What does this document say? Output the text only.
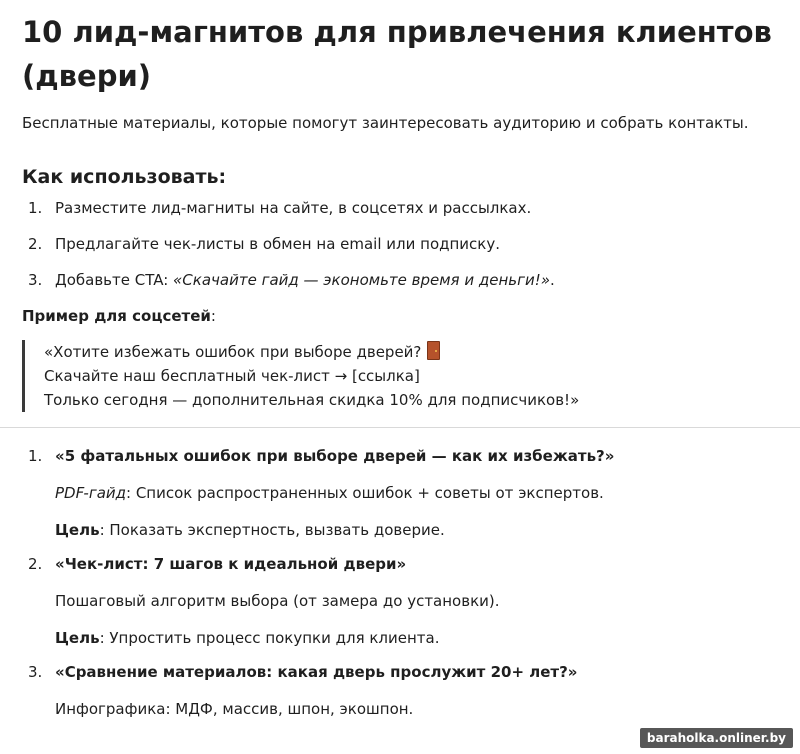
10 лид-магнитов для привлечения клиентов (двери)
Бесплатные материалы, которые помогут заинтересовать аудиторию и собрать контакты.
Как использовать:
1. Разместите лид-магниты на сайте, в соцсетях и рассылках.
2. Предлагайте чек-листы в обмен на email или подписку.
3. Добавьте CTA: «Скачайте гайд — экономьте время и деньги!».
Пример для соцсетей:
«Хотите избежать ошибок при выборе дверей?
Скачайте наш бесплатный чек-лист → [ссылка]
Только сегодня — дополнительная скидка 10% для подписчиков!»
1. «5 фатальных ошибок при выборе дверей — как их избежать?»
PDF-гайд: Список распространенных ошибок + советы от экспертов.
Цель: Показать экспертность, вызвать доверие.
2. «Чек-лист: 7 шагов к идеальной двери»
Пошаговый алгоритм выбора (от замера до установки).
Цель: Упростить процесс покупки для клиента.
3. «Сравнение материалов: какая дверь прослужит 20+ лет?»
Инфографика: МДФ, массив, шпон, экошпон.
baraholka.onliner.by
